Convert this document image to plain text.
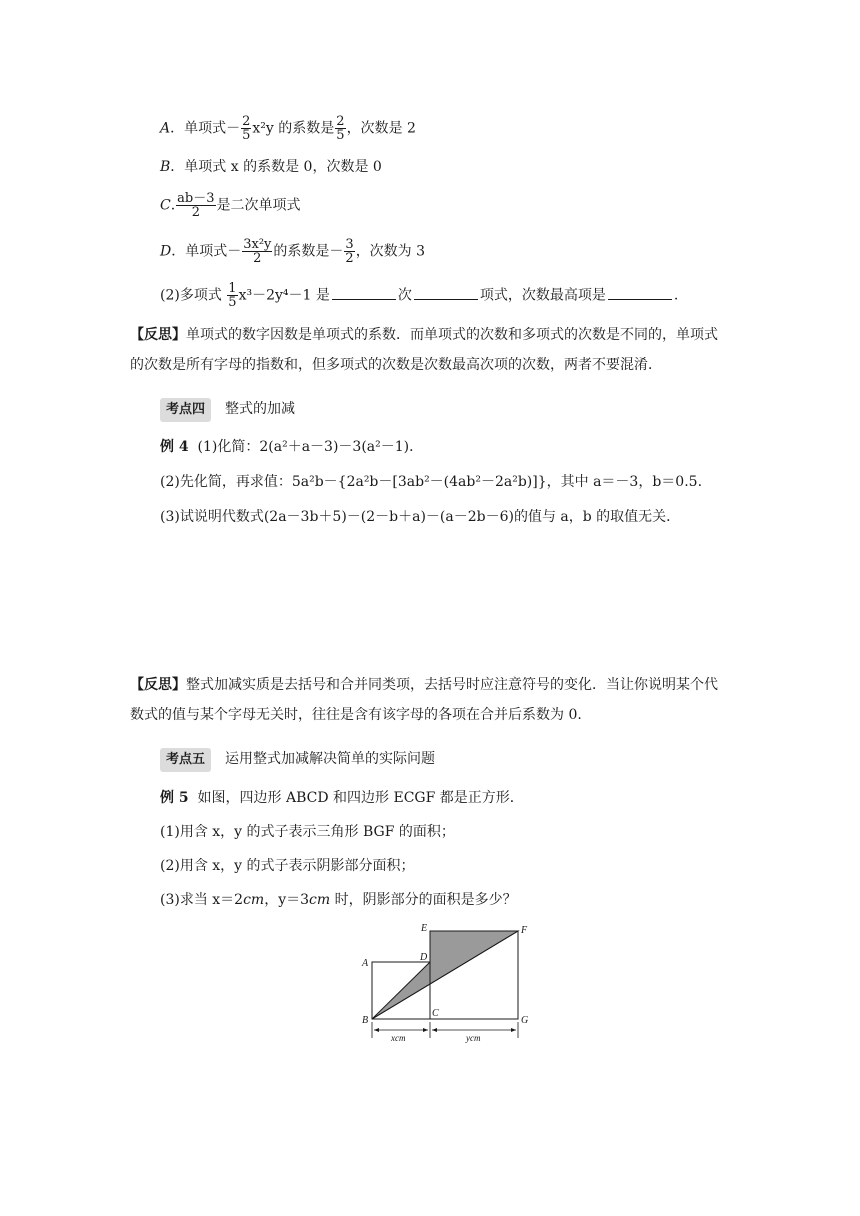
A．单项式－ $\frac{2}{5} x^2y$ 的系数是 $\frac{2}{5}$ ，次数是 2
B．单项式 x 的系数是 0，次数是 0
C. $\frac{ab-3}{2}$ 是二次单项式
D．单项式－ $\frac{\text{3x²y}}{2}$ 的系数是－ $\frac{3}{2}$ ，次数为 3
(2)多项式 $\frac{1}{5} x^3-2y^4-1$ 是	次	项式，次数最高项是	.
【反思】单项式的数字因数是单项式的系数．而单项式的次数和多项式的次数是不同的，单项式的次数是所有字母的指数和，但多项式的次数是次数最高次项的次数，两者不要混淆．
考点四 整式的加减
例 4 (1)化简：2(a²＋a－3)－3(a²－1)．
(2)先化简，再求值：5a²b－{2a²b－[3ab²－(4ab²－2a²b)]}，其中 a＝－3，b＝0.5.
(3)试说明代数式(2a－3b＋5)－(2－b＋a)－(a－2b－6)的值与 a，b 的取值无关．
【反思】整式加减实质是去括号和合并同类项，去括号时应注意符号的变化．当让你说明某个代数式的值与某个字母无关时，往往是含有该字母的各项在合并后系数为 0.
考点五 运用整式加减解决简单的实际问题
例 5 如图，四边形 ABCD 和四边形 ECGF 都是正方形．
(1)用含 x，y 的式子表示三角形 BGF 的面积；
(2)用含 x，y 的式子表示阴影部分面积；
(3)求当 x＝2cm，y＝3cm 时，阴影部分的面积是多少？
A
B
C
D
E	F
G
xcm	ycm
